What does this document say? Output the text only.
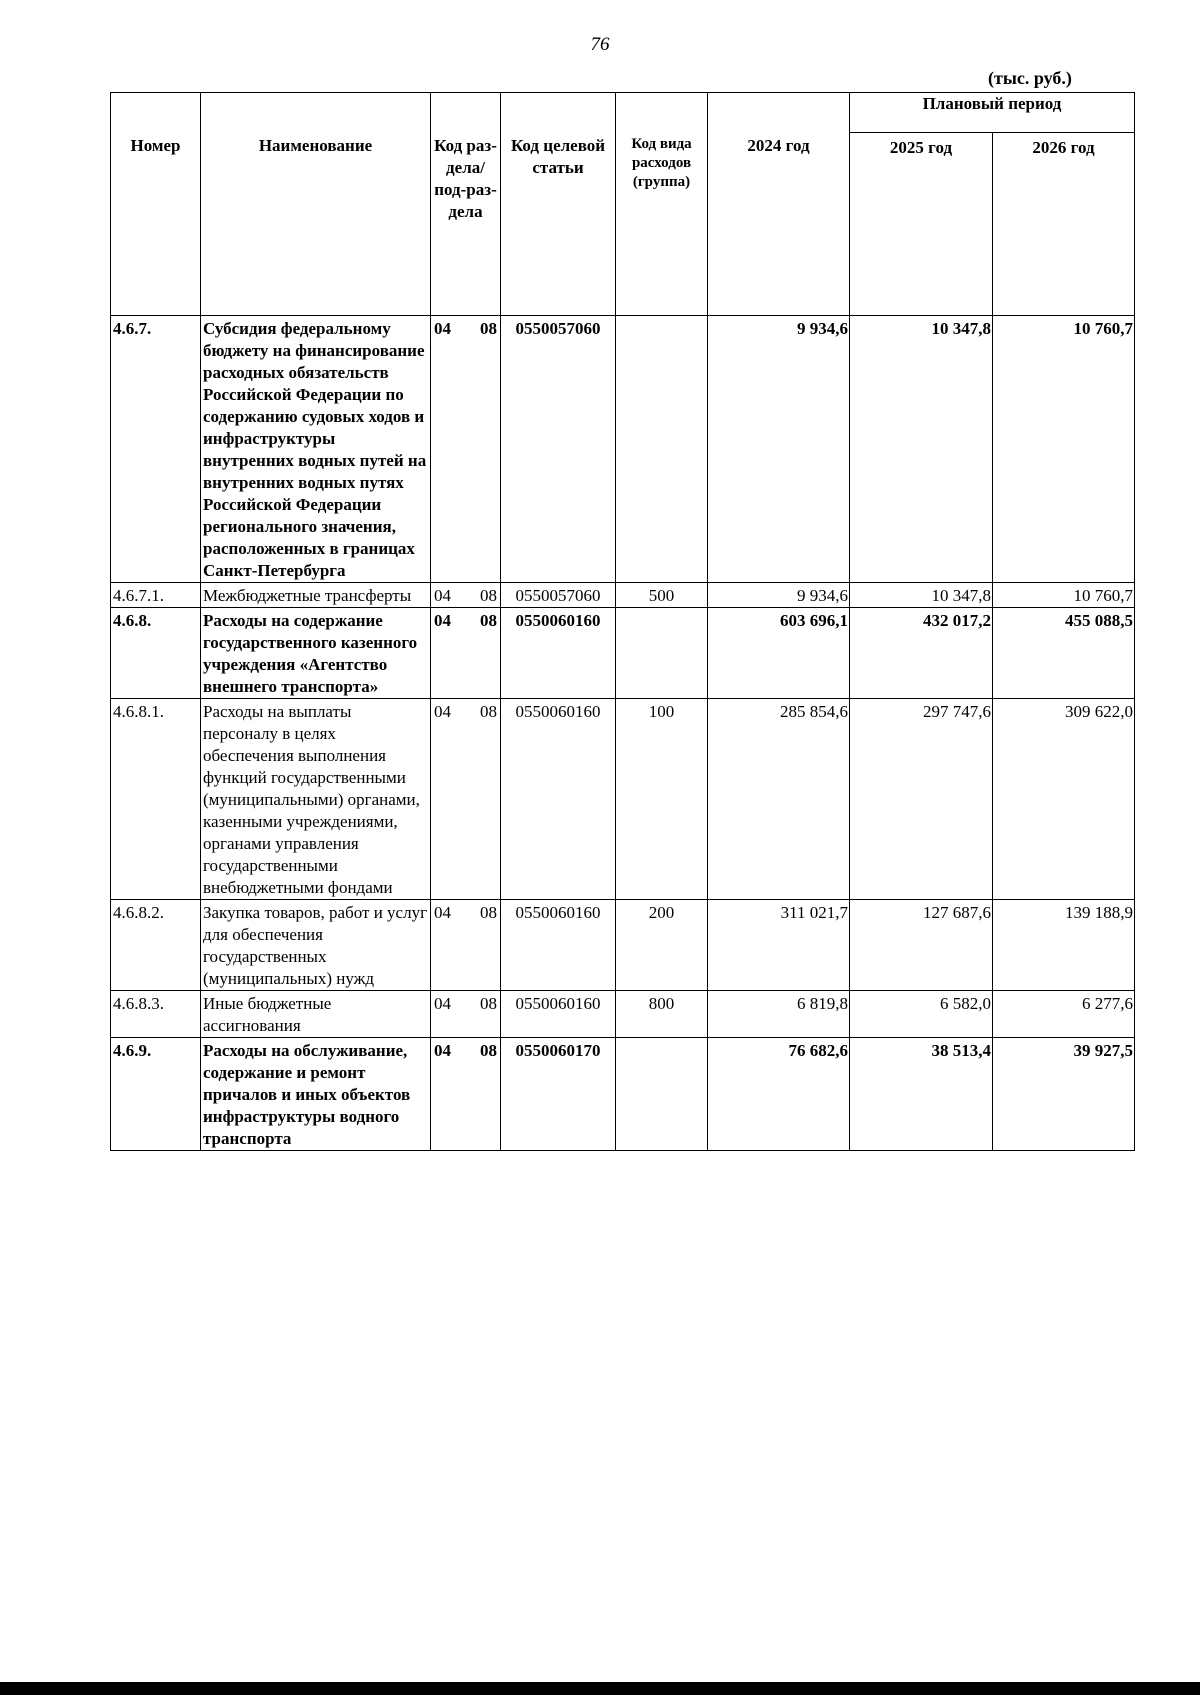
76
(тыс. руб.)
Номер	Наименование	Код раз-дела/ под-раз-дела	Код целевой статьи	Код вида расходов (группа)	2024 год	Плановый период	
						2025 год	2026 год
4.6.7.	Субсидия федеральному бюджету на финансирование расходных обязательств Российской Федерации по содержанию судовых ходов и инфраструктуры внутренних водных путей на внутренних водных путях Российской Федерации регионального значения, расположенных в границах Санкт-Петербурга	04 08	0550057060		9 934,6	10 347,8	10 760,7
4.6.7.1.	Межбюджетные трансферты	04 08	0550057060	500	9 934,6	10 347,8	10 760,7
4.6.8.	Расходы на содержание государственного казенного учреждения «Агентство внешнего транспорта»	04 08	0550060160		603 696,1	432 017,2	455 088,5
4.6.8.1.	Расходы на выплаты персоналу в целях обеспечения выполнения функций государственными (муниципальными) органами, казенными учреждениями, органами управления государственными внебюджетными фондами	04 08	0550060160	100	285 854,6	297 747,6	309 622,0
4.6.8.2.	Закупка товаров, работ и услуг для обеспечения государственных (муниципальных) нужд	04 08	0550060160	200	311 021,7	127 687,6	139 188,9
4.6.8.3.	Иные бюджетные ассигнования	04 08	0550060160	800	6 819,8	6 582,0	6 277,6
4.6.9.	Расходы на обслуживание, содержание и ремонт причалов и иных объектов инфраструктуры водного транспорта	04 08	0550060170		76 682,6	38 513,4	39 927,5
